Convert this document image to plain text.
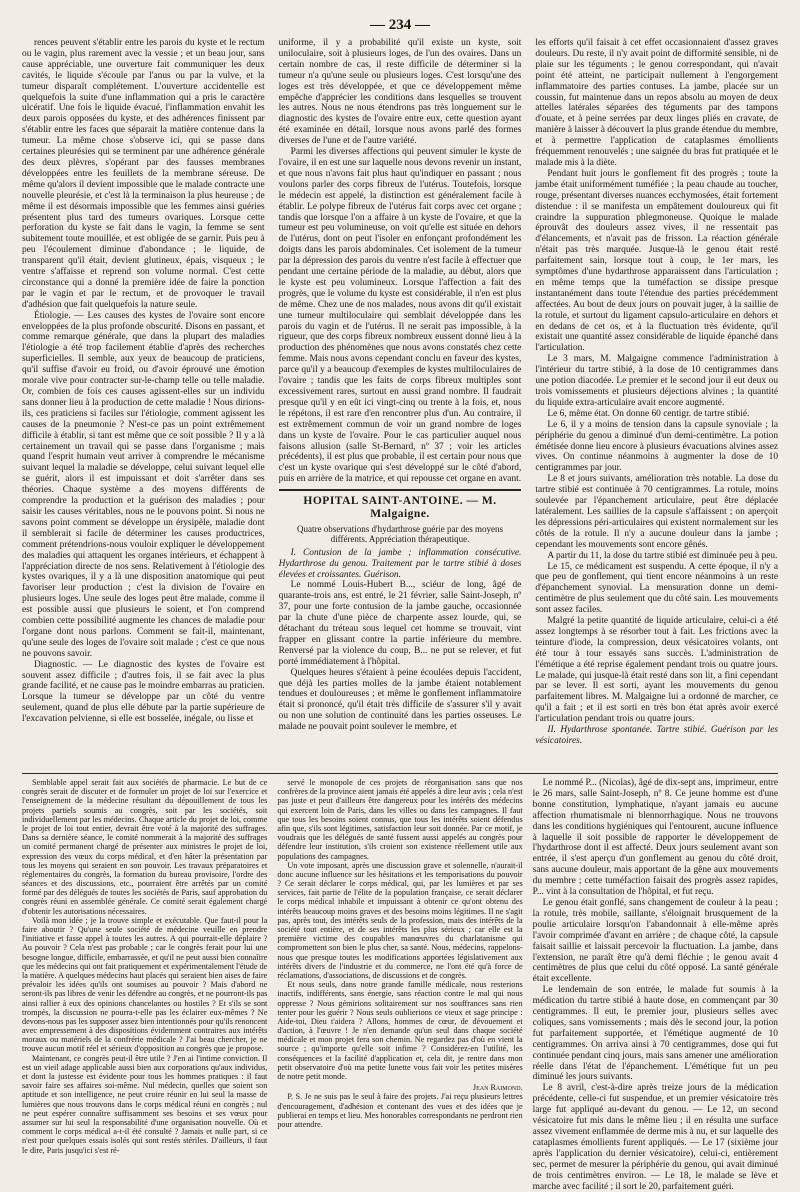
— 234 —

rences peuvent s'établir entre les parois du kyste et le rectum ou le vagin, plus rarement avec la vessie ; et un beau jour, sans cause appréciable, une ouverture fait communiquer les deux cavités, le liquide s'écoule par l'anus ou par la vulve, et la tumeur disparaît complétement. L'ouverture accidentelle est quelquefois la suite d'une inflammation qui a pris le caractère ulcératif. Une fois le liquide évacué, l'inflammation envahit les deux parois opposées du kyste, et des adhérences finissent par s'établir entre les faces que séparait la matière contenue dans la tumeur. La même chose s'observe ici, qui se passe dans certaines pleurésies qui se terminent par une adhérence générale des deux plèvres, s'opérant par des fausses membranes développées entre les feuillets de la membrane séreuse. De même qu'alors il devient impossible que le malade contracte une nouvelle pleurésie, et c'est là la terminaison la plus heureuse ; de même il est désormais impossible que les femmes ainsi guéries présentent plus tard des tumeurs ovariques. Lorsque cette perforation du kyste se fait dans le vagin, la femme se sent subitement toute mouillée, et est obligée de se garnir. Puis peu à peu l'écoulement diminue d'abondance ; le liquide, de transparent qu'il était, devient glutineux, épais, visqueux ; le ventre s'affaisse et reprend son volume normal. C'est cette circonstance qui a donné la première idée de faire la ponction par le vagin et par le rectum, et de provoquer le travail d'adhésion que fait quelquefois la nature seule.

Étiologie. — Les causes des kystes de l'ovaire sont encore enveloppées de la plus profonde obscurité. Disons en passant, et comme remarque générale, que dans la plupart des maladies l'étiologie a été trop facilement établie d'après des recherches superficielles. Il semble, aux yeux de beaucoup de praticiens, qu'il suffise d'avoir eu froid, ou d'avoir éprouvé une émotion morale vive pour contracter sur-le-champ telle ou telle maladie. Or, combien de fois ces causes agissent-elles sur un individu sans donner lieu à la production de cette maladie ! Nous dirions-ils, ces praticiens si faciles sur l'étiologie, comment agissent les causes de la pneumonie ? N'est-ce pas un point extrêmement difficile à établir, si tant est même que ce soit possible ? Il y a là certainement un travail qui se passe dans l'organisme ; mais quand l'esprit humain veut arriver à comprendre le mécanisme suivant lequel la maladie se développe, celui suivant lequel elle se guérit, alors il est impuissant et doit s'arrêter dans ses théories. Chaque système a des moyens différents de comprendre la production et la guérison des maladies ; pour saisir les causes véritables, nous ne le pouvons point. Si nous ne savons point comment se développe un érysipèle, maladie dont il semblerait si facile de déterminer les causes productrices, comment prétendrions-nous vouloir expliquer le développement des maladies qui attaquent les organes intérieurs, et échappent à l'appréciation directe de nos sens. Relativement à l'étiologie des kystes ovariques, il y a là une disposition anatomique qui peut favoriser leur production ; c'est la division de l'ovaire en plusieurs loges. Une seule des loges peut être malade, comme il est possible aussi que plusieurs le soient, et l'on comprend combien cette possibilité augmente les chances de maladie pour l'organe dont nous parlons. Comment se fait-il, maintenant, qu'une seule des loges de l'ovaire soit malade ; c'est ce que nous ne pouvons savoir.

Diagnostic. — Le diagnostic des kystes de l'ovaire est souvent assez difficile ; d'autres fois, il se fait avec la plus grande facilité, et ne cause pas le moindre embarras au praticien. Lorsque la tumeur se développe par un côté du ventre seulement, quand de plus elle débute par la partie supérieure de l'excavation pelvienne, si elle est bosselée, inégale, ou lisse et

uniforme, il y a probabilité qu'il existe un kyste, soit uniloculaire, soit à plusieurs loges, de l'un des ovaires. Dans un certain nombre de cas, il reste difficile de déterminer si la tumeur n'a qu'une seule ou plusieurs loges. C'est lorsqu'une des loges est très développée, et que ce développement même empêche d'apprécier les conditions dans lesquelles se trouvent les autres. Nous ne nous étendrons pas très longuement sur le diagnostic des kystes de l'ovaire entre eux, cette question ayant été examinée en détail, lorsque nous avons parlé des formes diverses de l'une et de l'autre variété.

Parmi les diverses affections qui peuvent simuler le kyste de l'ovaire, il en est une sur laquelle nous devons revenir un instant, et que nous n'avons fait plus haut qu'indiquer en passant ; nous voulons parler des corps fibreux de l'utérus. Toutefois, lorsque le médecin est appelé, la distinction est généralement facile à établir. Le polype fibreux de l'utérus fait corps avec cet organe ; tandis que lorsque l'on a affaire à un kyste de l'ovaire, et que la tumeur est peu volumineuse, on voit qu'elle est située en dehors de l'utérus, dont on peut l'isoler en enfonçant profondément les doigts dans les parois abdominales. Cet isolement de la tumeur par la dépression des parois du ventre n'est facile à effectuer que pendant une certaine période de la maladie, au début, alors que le kyste est peu volumineux. Lorsque l'affection a fait des progrès, que le volume du kyste est considérable, il n'en est plus de même. Chez une de nos malades, nous avons dit qu'il existait une tumeur multiloculaire qui semblait développée dans les parois du vagin et de l'utérus. Il ne serait pas impossible, à la rigueur, que des corps fibreux nombreux eussent donné lieu à la production des phénomènes que nous avons constatés chez cette femme. Mais nous avons cependant conclu en faveur des kystes, parce qu'il y a beaucoup d'exemples de kystes multiloculaires de l'ovaire ; tandis que les faits de corps fibreux multiples sont excessivement rares, surtout en aussi grand nombre. Il faudrait presque qu'il y en eût ici vingt-cinq ou trente à la fois, et, nous le répétons, il est rare d'en rencontrer plus d'un. Au contraire, il est extrêmement commun de voir un grand nombre de loges dans un kyste de l'ovaire. Pour le cas particulier auquel nous faisons allusion (salle St-Bernard, nº 37 ; voir les articles précédents), il est plus que probable, il est certain pour nous que c'est un kyste ovarique qui s'est développé sur le côté d'abord, puis en arrière de la matrice, et qui repousse cet organe en avant.

HOPITAL SAINT-ANTOINE. — M. Malgaigne.
Quatre observations d'hydarthrose guérie par des moyens différents. Appréciation thérapeutique.

I. Contusion de la jambe ; inflammation consécutive. Hydarthrose du genou. Traitement par le tartre stibié à doses élevées et croissantes. Guérison.

Le nommé Louis-Hubert B..., sciéur de long, âgé de quarante-trois ans, est entré, le 21 février, salle Saint-Joseph, nº 37, pour une forte contusion de la jambe gauche, occasionnée par la chute d'une pièce de charpente assez lourde, qui, se détachant du tréteau sous lequel cet homme se trouvait, vint frapper en glissant contre la partie inférieure du membre. Renversé par la violence du coup, B... ne put se relever, et fut porté immédiatement à l'hôpital.

Quelques heures s'étaient à peine écoulées depuis l'accident, que déjà les parties molles de la jambe étaient notablement tendues et douloureuses ; et même le gonflement inflammatoire était si prononcé, qu'il était très difficile de s'assurer s'il y avait ou non une solution de continuité dans les parties osseuses. Le malade ne pouvait point soulever le membre, et

les efforts qu'il faisait à cet effet occasionnaient d'assez graves douleurs. Du reste, il n'y avait point de difformité sensible, ni de plaie sur les téguments ; le genou correspondant, qui n'avait point été atteint, ne participait nullement à l'engorgement inflammatoire des parties contuses. La jambe, placée sur un coussin, fut maintenue dans un repos absolu au moyen de deux attelles latérales séparées des téguments par des tampons d'ouate, et à peine serrées par deux linges pliés en cravate, de manière à laisser à découvert la plus grande étendue du membre, et à permettre l'application de cataplasmes émollients fréquemment renouvelés ; une saignée du bras fut pratiquée et le malade mis à la diète.

Pendant huit jours le gonflement fit des progrès ; toute la jambe était uniformément tuméfiée ; la peau chaude au toucher, rouge, présentant diverses nuances ecchymosées, était fortement distendue : il se manifesta un empâtement douloureux qui fit craindre la suppuration phlegmoneuse. Quoique le malade éprouvât des douleurs assez vives, il ne ressentait pas d'élancements, et n'avait pas de frisson. La réaction générale n'était pas très marquée. Jusque-là le genou était resté parfaitement sain, lorsque tout à coup, le 1er mars, les symptômes d'une hydarthrose apparaissent dans l'articulation ; en même temps que la tuméfaction se dissipe presque instantanément dans toute l'étendue des parties précédemment affectées. Au bout de deux jours on pouvait juger, à la saillie de la rotule, et surtout du ligament capsulo-articulaire en dehors et en dedans de cet os, et à la fluctuation très évidente, qu'il existait une quantité assez considérable de liquide épanché dans l'articulation.

Le 3 mars, M. Malgaigne commence l'administration à l'intérieur du tartre stibié, à la dose de 10 centigrammes dans une potion diacodée. Le premier et le second jour il eut deux ou trois vomissements et plusieurs déjections alvines ; la quantité du liquide extra-articulaire avait encore augmenté.

Le 6, même état. On donne 60 centigr. de tartre stibié.

Le 6, il y a moins de tension dans la capsule synoviale ; la périphérie du genou a diminué d'un demi-centimètre. La potion émétisée donne lieu encore à plusieurs évacuations alvines assez vives. On continue néanmoins à augmenter la dose de 10 centigrammes par jour.

Le 8 et jours suivants, amélioration très notable. La dose du tartre stibié est continuée à 70 centigrammes. La rotule, moins soulevée par l'épanchement articulaire, peut être déplacée latéralement. Les saillies de la capsule s'affaissent ; on aperçoit les dépressions péri-articulaires qui existent normalement sur les côtés de la rotule. Il n'y a aucune douleur dans la jambe ; cependant les mouvements sont encore gênés.

A partir du 11, la dose du tartre stibié est diminuée peu à peu.

Le 15, ce médicament est suspendu. A cette époque, il n'y a que peu de gonflement, qui tient encore néanmoins à un reste d'épanchement synovial. La mensuration donne un demi-centimètre de plus seulement que du côté sain. Les mouvements sont assez faciles.

Malgré la petite quantité de liquide articulaire, celui-ci a été assez longtemps à se résorber tout à fait. Les frictions avec la teinture d'iode, la compression, deux vésicatoires volants, ont été tour à tour essayés sans succès. L'administration de l'émétique a été reprise également pendant trois ou quatre jours. Le malade, qui jusque-là était resté dans son lit, a fini cependant par se lever. Il est sorti, ayant les mouvements du genou parfaitement libres. M. Malgaigne lui a ordonné de marcher, ce qu'il a fait ; et il est sorti en très bon état après avoir exercé l'articulation pendant trois ou quatre jours.

II. Hydarthrose spontanée. Tartre stibié. Guérison par les vésicatoires.

Semblable appel serait fait aux sociétés de pharmacie. Le but de ce congrès serait de discuter et de formuler un projet de loi sur l'exercice et l'enseignement de la médecine résultant du dépouillement de tous les projets partiels soumis au congrès, soit par les sociétés, soit individuellement par les médecins. Chaque article du projet de loi, comme le projet de loi tout entier, devrait être voté à la majorité des suffrages. Dans sa dernière séance, le comité nommerait à la majorité des suffrages un comité permanent chargé de présenter aux ministres le projet de loi, expression des vœux du corps médical, et d'en hâter la présentation par tous les moyens qui seraient en son pouvoir. Les travaux préparatoires et réglementaires du congrès, la formation du bureau provisoire, l'ordre des séances et des discussions, etc., pourraient être arrêtés par un comité formé par des délégués de toutes les sociétés de Paris, sauf approbation du congrès réuni en assemblée générale. Ce comité serait également chargé d'obtenir les autorisations nécessaires.

Voilà mon idée ; je la trouve simple et exécutable. Que faut-il pour la faire aboutir ? Qu'une seule société de médecine veuille en prendre l'initiative et fasse appel à toutes les autres. A qui pourrait-elle déplaire ? Au pouvoir ? Cela n'est pas probable ; car le congrès ferait pour lui une besogne longue, difficile, embarrassée, et qu'il ne peut aussi bien connaître que les médecins qui ont fait pratiquement et expérimentalement l'étude de la matière. A quelques médecins haut placés qui seraient bien aises de faire prévaloir les idées qu'ils ont soumises au pouvoir ? Mais d'abord ne seront-ils pas libres de venir les défendre au congrès, et ne pourront-ils pas ainsi rallier à eux des opinions chancelantes ou hostiles ? Et s'ils se sont trompés, la discussion ne pourra-t-elle pas les éclairer eux-mêmes ? Ne devons-nous pas les supposer assez bien intentionnés pour qu'ils renoncent avec empressement à des dispositions évidemment contraires aux intérêts moraux ou matériels de la confrérie médicale ? J'ai beau chercher, je ne trouve aucun motif réel et sérieux d'opposition au congrès que je propose.

Maintenant, ce congrès peut-il être utile ? J'en ai l'intime conviction. Il est un vieil adage applicable aussi bien aux corporations qu'aux individus, et dont la justesse est évidente pour tous les hommes pratiques : il faut savoir faire ses affaires soi-même. Nul médecin, quelles que soient son aptitude et son intelligence, ne peut croire réunir en lui seul la masse de lumières que nous trouvons dans le corps médical réuni en congrès ; nul ne peut espérer connaître suffisamment ses besoins et ses vœux pour assumer sur lui seul la responsabilité d'une organisation nouvelle. Où et comment le corps médical a-t-il été consulté ? Jamais et nulle part, si ce n'est pour quelques essais isolés qui sont restés stériles. D'ailleurs, il faut le dire, Paris jusqu'ici s'est ré-

servé le monopole de ces projets de réorganisation sans que nos confrères de la province aient jamais été appelés à dire leur avis ; cela n'est pas juste et peut d'ailleurs être dangereux pour les intérêts des médecins qui exercent loin de Paris, dans les villes ou dans les campagnes. Il faut que tous les besoins soient connus, que tous les intérêts soient défendus afin que, s'ils sont légitimes, satisfaction leur soit donnée. Par ce motif, je voudrais que les délégués de santé fussent aussi appelés au congrès pour défendre leur institution, s'ils croient son existence réellement utile aux populations des campagnes.

Un vote imposant, après une discussion grave et solennelle, n'aurait-il donc aucune influence sur les hésitations et les temporisations du pouvoir ? Ce serait déclarer le corps médical, qui, par les lumières et par ses services, fait partie de l'élite de la population française, ce serait déclarer le corps médical inhabile et impuissant à obtenir ce qu'ont obtenu des intérêts beaucoup moins graves et des besoins moins légitimes. Il ne s'agit pas, après tout, des intérêts seuls de la profession, mais des intérêts de la société tout entière, et de ses intérêts les plus sérieux ; car elle est la première victime des coupables manœuvres du charlatanisme qui compromettent son bien le plus cher, sa santé. Nous, médecins, rappelons-nous que presque toutes les modifications apportées législativement aux intérêts divers de l'industrie et du commerce, ne l'ont été qu'à force de réclamations, d'associations, de discussions et de congrès.

Et nous seuls, dans notre grande famille médicale, nous resterions inactifs, indifférents, sans énergie, sans réaction contre le mal qui nous oppresse ? Nous gémirions solitairement sur nos souffrances sans rien tenter pour les guérir ? Nous seuls oublierions ce vieux et sage principe : Aide-toi, Dieu t'aidera ? Allons, hommes de cœur, de dévouement et d'action, à l'œuvre ! Je n'en demande qu'un seul dans chaque société médicale et mon projet fera son chemin. Ne regardez pas d'où en vient la source ; qu'importe qu'elle soit infime ? Considérez-en l'utilité, les conséquences et la facilité d'application et, cela dit, je rentre dans mon petit observatoire d'où ma petite lunette vous fait voir les petites misères de notre petit monde.

Jean Raimond.

P. S. Je ne suis pas le seul à faire des projets. J'ai reçu plusieurs lettres d'encouragement, d'adhésion et contenant des vues et des idées que je publierai en temps et lieu. Mes honorables correspondants ne perdront rien pour attendre.

Le nommé P... (Nicolas), âgé de dix-sept ans, imprimeur, entre le 26 mars, salle Saint-Joseph, nº 8. Ce jeune homme est d'une bonne constitution, lymphatique, n'ayant jamais eu aucune affection rhumatismale ni blennorrhagique. Nous ne trouvons dans les conditions hygiéniques qui l'entourent, aucune influence à laquelle il soit possible de rapporter le développement de l'hydarthrose dont il est affecté. Deux jours seulement avant son entrée, il s'est aperçu d'un gonflement au genou du côté droit, sans aucune douleur, mais apportant de la gêne aux mouvements du membre ; cette tuméfaction faisait des progrès assez rapides, P... vint à la consultation de l'hôpital, et fut reçu.

Le genou était gonflé, sans changement de couleur à la peau ; la rotule, très mobile, saillante, s'éloignait brusquement de la poulie articulaire lorsqu'on l'abandonnait à elle-même après l'avoir comprimée d'avant en arrière ; de chaque côté, la capsule faisait saillie et laissait percevoir la fluctuation. La jambe, dans l'extension, ne paraît être qu'à demi fléchie ; le genou avait 4 centimètres de plus que celui du côté opposé. La santé générale était excellente.

Le lendemain de son entrée, le malade fut soumis à la médication du tartre stibié à haute dose, en commençant par 30 centigrammes. Il eut, le premier jour, plusieurs selles avec coliques, sans vomissements ; mais dès le second jour, la potion fut parfaitement supportée, et l'émétique augmenté de 10 centigrammes. On arriva ainsi à 70 centigrammes, dose qui fut continuée pendant cinq jours, mais sans amener une amélioration réelle dans l'état de l'épanchement. L'émétique fut un peu diminué les jours suivants.

Le 8 avril, c'est-à-dire après treize jours de la médication précédente, celle-ci fut suspendue, et un premier vésicatoire très large fut appliqué au-devant du genou. — Le 12, un second vésicatoire fut mis dans le même lieu ; il en résulta une surface assez vivement enflammée de derme mis à nu, et sur laquelle des cataplasmes émollients furent appliqués. — Le 17 (sixième jour après l'application du dernier vésicatoire), celui-ci, entièrement sec, permet de mesurer la périphérie du genou, qui avait diminué de trois centimètres environ. — Le 18, le malade se lève et marche avec facilité ; il sort le 20, parfaitement guéri.
